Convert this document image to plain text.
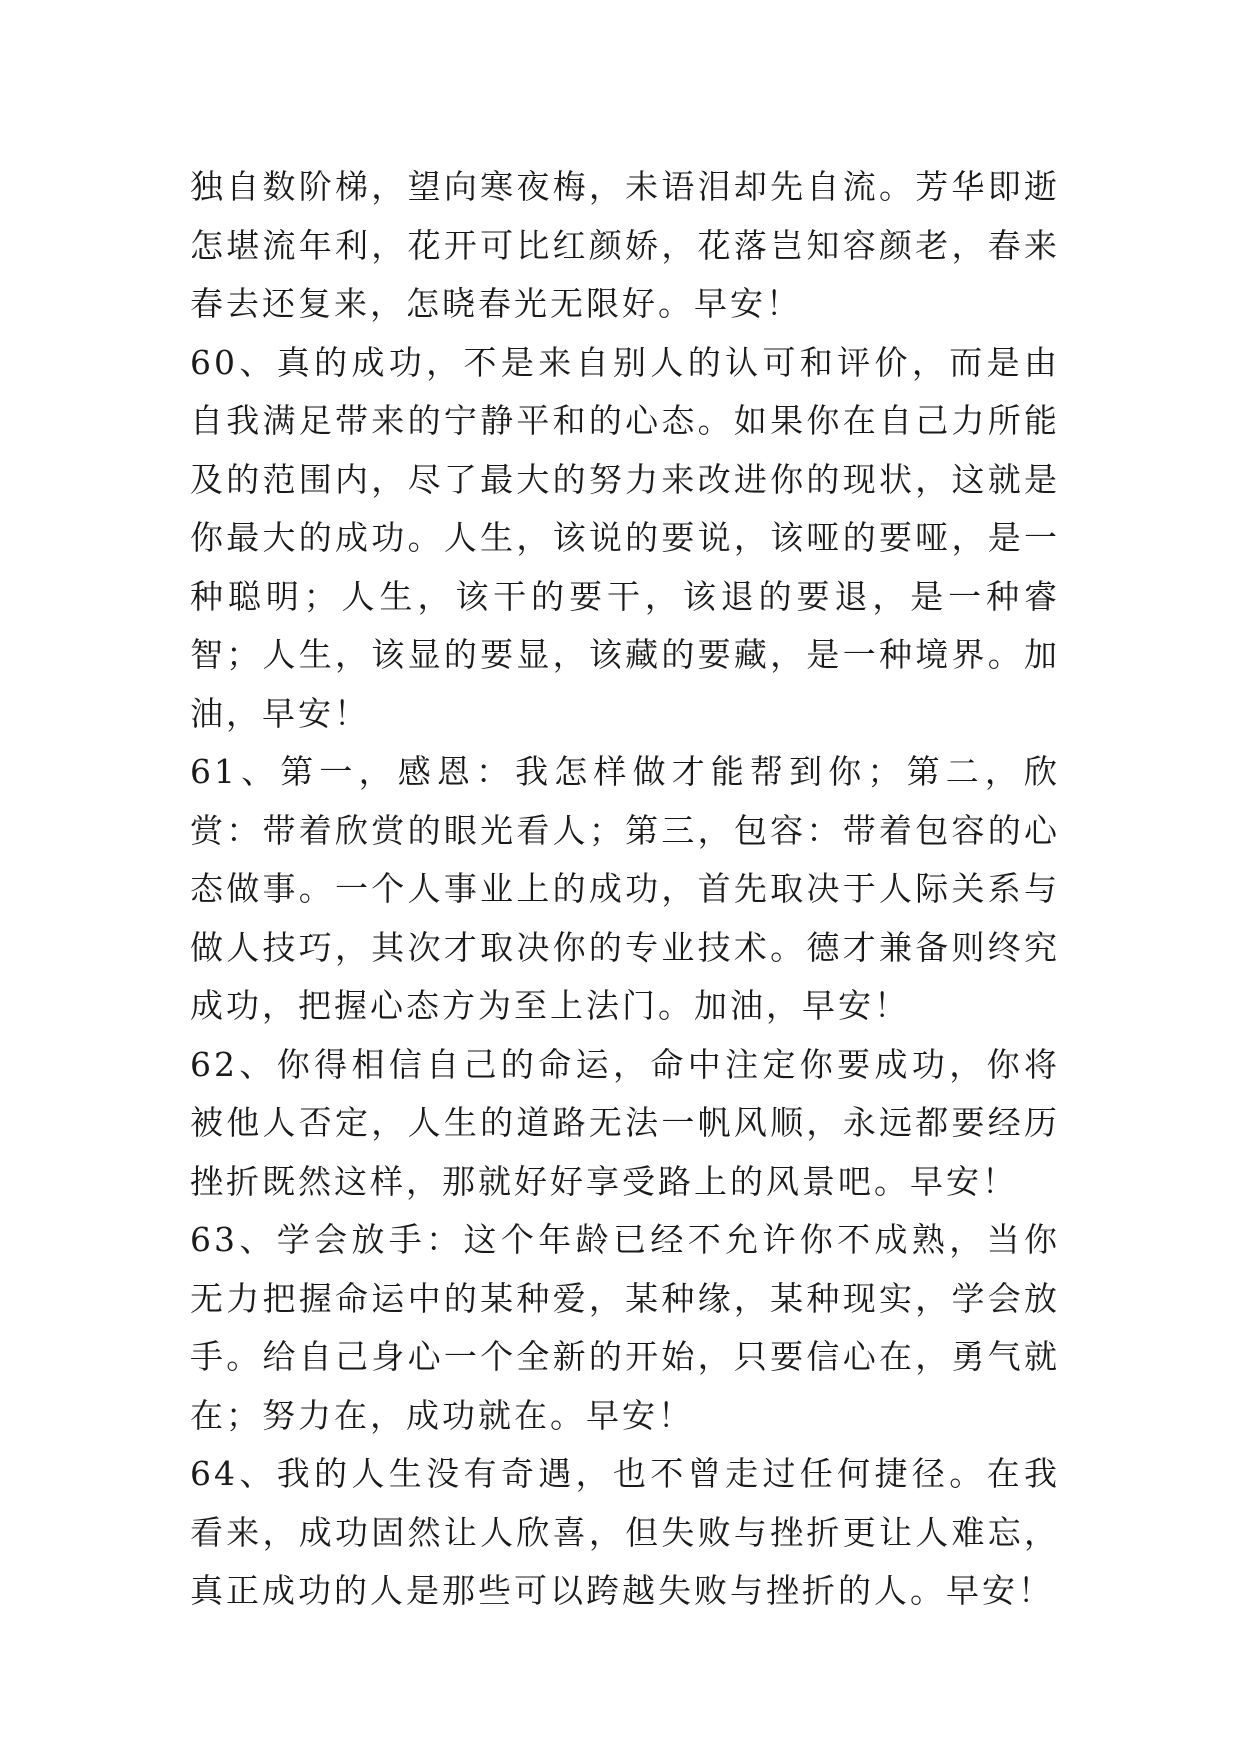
独自数阶梯，望向寒夜梅，未语泪却先自流。芳华即逝怎堪流年利，花开可比红颜娇，花落岂知容颜老，春来春去还复来，怎晓春光无限好。早安！

60、真的成功，不是来自别人的认可和评价，而是由自我满足带来的宁静平和的心态。如果你在自己力所能及的范围内，尽了最大的努力来改进你的现状，这就是你最大的成功。人生，该说的要说，该哑的要哑，是一种聪明；人生，该干的要干，该退的要退，是一种睿智；人生，该显的要显，该藏的要藏，是一种境界。加油，早安！

61、第一，感恩：我怎样做才能帮到你；第二，欣赏：带着欣赏的眼光看人；第三，包容：带着包容的心态做事。一个人事业上的成功，首先取决于人际关系与做人技巧，其次才取决你的专业技术。德才兼备则终究成功，把握心态方为至上法门。加油，早安！

62、你得相信自己的命运，命中注定你要成功，你将被他人否定，人生的道路无法一帆风顺，永远都要经历挫折既然这样，那就好好享受路上的风景吧。早安！

63、学会放手：这个年龄已经不允许你不成熟，当你无力把握命运中的某种爱，某种缘，某种现实，学会放手。给自己身心一个全新的开始，只要信心在，勇气就在；努力在，成功就在。早安！

64、我的人生没有奇遇，也不曾走过任何捷径。在我看来，成功固然让人欣喜，但失败与挫折更让人难忘，真正成功的人是那些可以跨越失败与挫折的人。早安！
